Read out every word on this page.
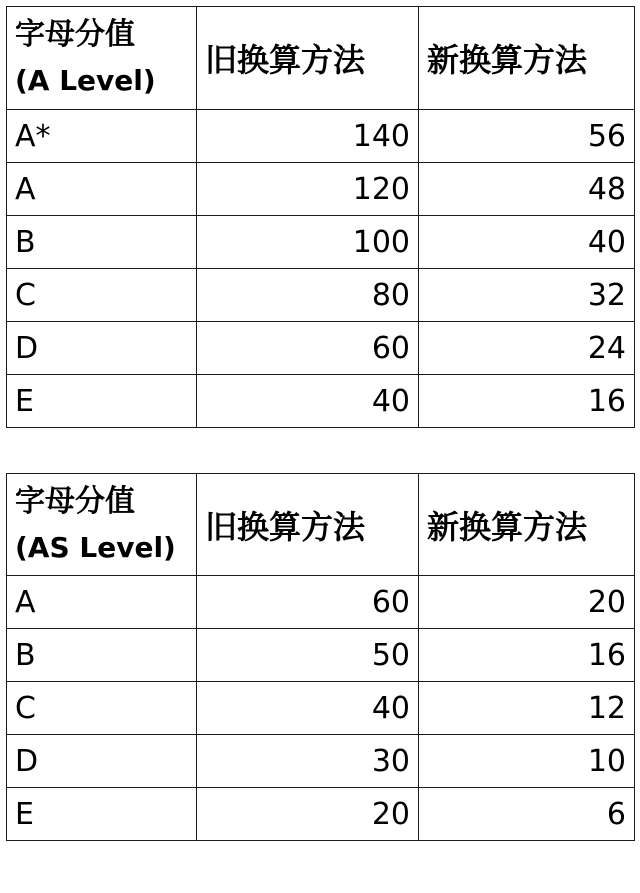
字母分值
(A Level)	旧换算方法	新换算方法
A*	140	56
A	120	48
B	100	40
C	80	32
D	60	24
E	40	16
字母分值
(AS Level)	旧换算方法	新换算方法
A	60	20
B	50	16
C	40	12
D	30	10
E	20	6
